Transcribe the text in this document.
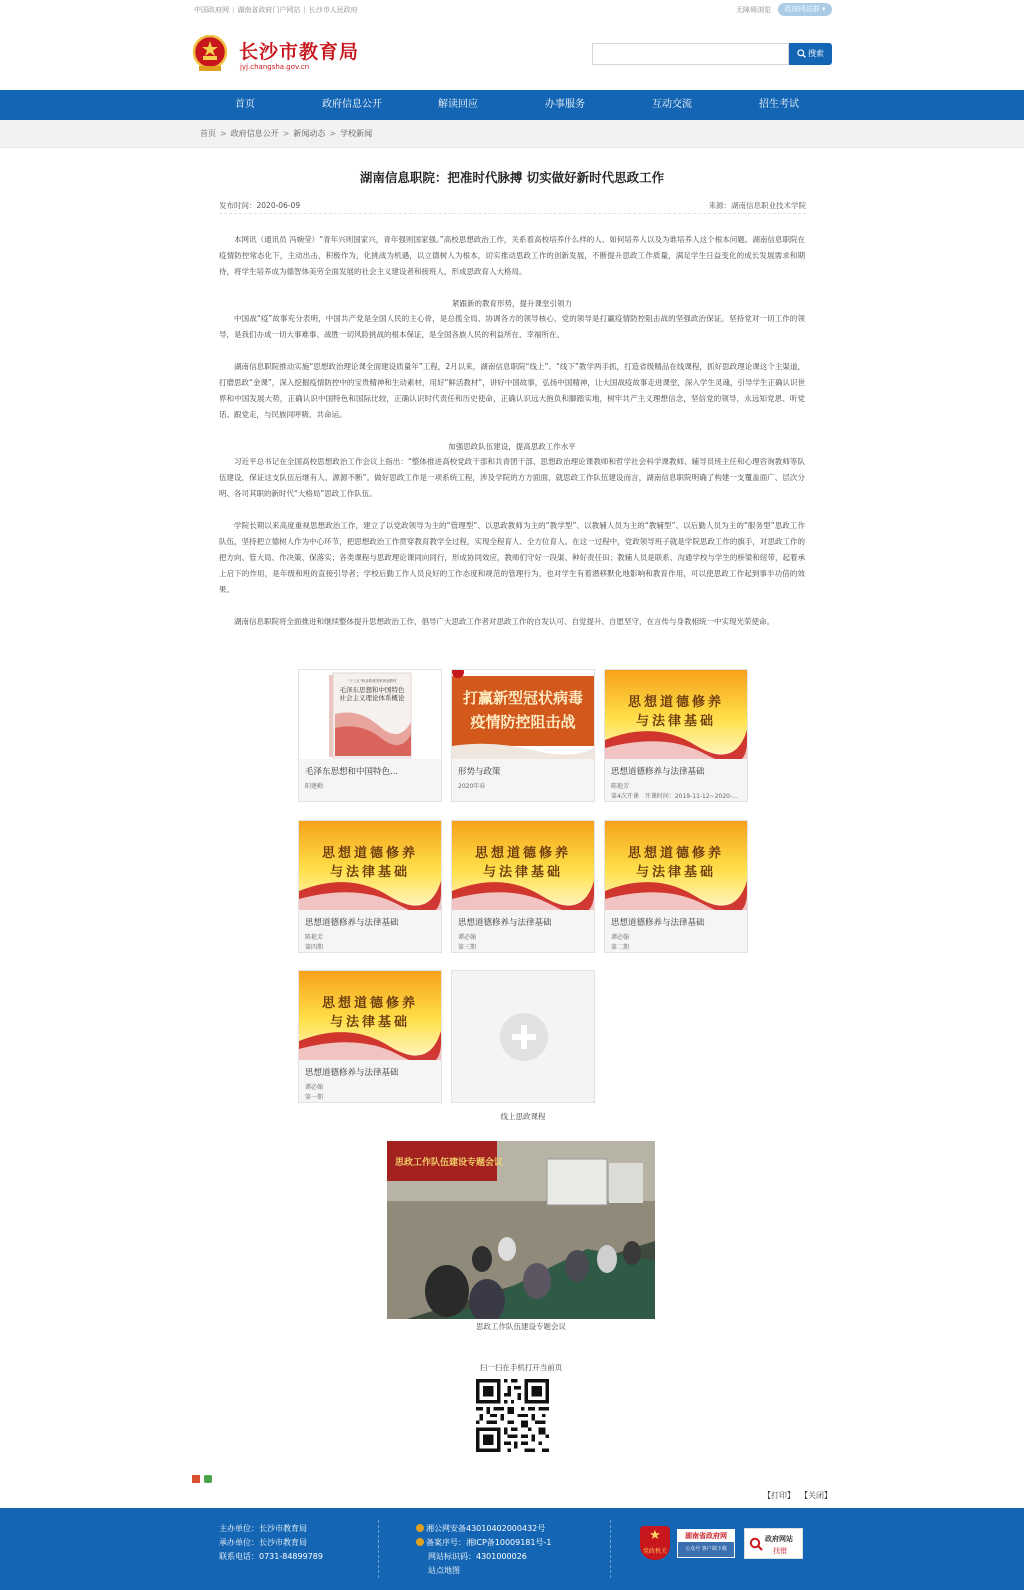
中国政府网 | 湖南省政府门户网站 | 长沙市人民政府	无障碍浏览	政府网站群 ▾
长沙市教育局
jyj.changsha.gov.cn
搜索
首页	政府信息公开	解读回应	办事服务	互动交流	招生考试
首页 > 政府信息公开 > 新闻动态 > 学校新闻
湖南信息职院：把准时代脉搏 切实做好新时代思政工作
发布时间：2020-06-09	来源：湖南信息职业技术学院

本网讯（通讯员 冯婉莹）“青年兴则国家兴，青年强则国家强。”高校思想政治工作，关系着高校培养什么样的人、如何培养人以及为谁培养人这个根本问题。湖南信息职院在疫情防控常态化下，主动出击，积极作为，化挑战为机遇，以立德树人为根本，切实推动思政工作的创新发展，不断提升思政工作质量，满足学生日益变化的成长发展需求和期待，将学生培养成为德智体美劳全面发展的社会主义建设者和接班人，形成思政育人大格局。

紧跟新的教育形势，提升课堂引领力

中国战“疫”故事充分表明，中国共产党是全国人民的主心骨，是总揽全局、协调各方的领导核心，党的领导是打赢疫情防控阻击战的坚强政治保证。坚持党对一切工作的领导，是我们办成一切大事难事、战胜一切风险挑战的根本保证，是全国各族人民的利益所在、幸福所在。

湖南信息职院推动实施“思想政治理论课全面建设质量年”工程，2月以来，湖南信息职院“线上”、“线下”教学两手抓，打造省级精品在线课程，抓好思政理论课这个主渠道，打磨思政“金课”，深入挖掘疫情防控中的宝贵精神和生动素材，用好“鲜活教材”，讲好中国故事，弘扬中国精神，让大国战疫故事走进课堂，深入学生灵魂，引导学生正确认识世界和中国发展大势，正确认识中国特色和国际比较，正确认识时代责任和历史使命，正确认识远大抱负和脚踏实地，树牢共产主义理想信念，坚信党的领导，永远知党恩、听党话、跟党走，与民族同呼吸、共命运。

加强思政队伍建设，提高思政工作水平

习近平总书记在全国高校思想政治工作会议上指出：“整体推进高校党政干部和共青团干部、思想政治理论课教师和哲学社会科学课教师、辅导员班主任和心理咨询教师等队伍建设，保证这支队伍后继有人、源源不断”。做好思政工作是一项系统工程，涉及学院的方方面面，就思政工作队伍建设而言，湖南信息职院明确了构建一支覆盖面广、层次分明、各司其职的新时代“大格局”思政工作队伍。

学院长期以来高度重视思想政治工作，建立了以党政领导为主的“管理型”、以思政教师为主的“教学型”、以教辅人员为主的“教辅型”、以后勤人员为主的“服务型”思政工作队伍，坚持把立德树人作为中心环节，把思想政治工作贯穿教育教学全过程，实现全程育人、全方位育人。在这一过程中，党政领导班子就是学院思政工作的旗手，对思政工作的把方向、管大局、作决策、保落实；各类课程与思政理论课同向同行，形成协同效应，教师们守好一段渠、种好责任田；教辅人员是联系、沟通学校与学生的桥梁和纽带，起着承上启下的作用，是年级和班的直接引导者；学校后勤工作人员良好的工作态度和规范的管理行为，也对学生有着潜移默化地影响和教育作用，可以使思政工作起到事半功倍的效果。

湖南信息职院将全面推进和继续整体提升思想政治工作，倡导广大思政工作者对思政工作的自发认可、自觉提升、自愿坚守，在言传与身教相统一中实现光荣使命。

“十三五”职业教育国家规划教材
毛泽东思想和中国特色社会主义理论体系概论
毛泽东思想和中国特色...
阳建勤
打赢新型冠状病毒
疫情防控阻击战
形势与政策
2020年春
思想道德修养
与法律基础
思想道德修养与法律基础
陈艳芳
第4次开课　开课时间：2019-11-12~2020-...
思想道德修养
与法律基础
思想道德修养与法律基础
陈艳芳
第四期
思想道德修养
与法律基础
思想道德修养与法律基础
谭必翰
第三期
思想道德修养
与法律基础
思想道德修养与法律基础
谭必翰
第二期
思想道德修养
与法律基础
思想道德修养与法律基础
谭必翰
第一期
线上思政课程
思政工作队伍建设专题会议
思政工作队伍建设专题会议
扫一扫在手机打开当前页
【打印】 【关闭】
主办单位：长沙市教育局
承办单位：长沙市教育局
联系电话：0731-84899789
湘公网安备43010402000432号
备案序号：湘ICP备10009181号-1
网站标识码：4301000026
站点地图
★
党政机关
湖南省政府网
公众号 客户端下载
政府网站
找错
